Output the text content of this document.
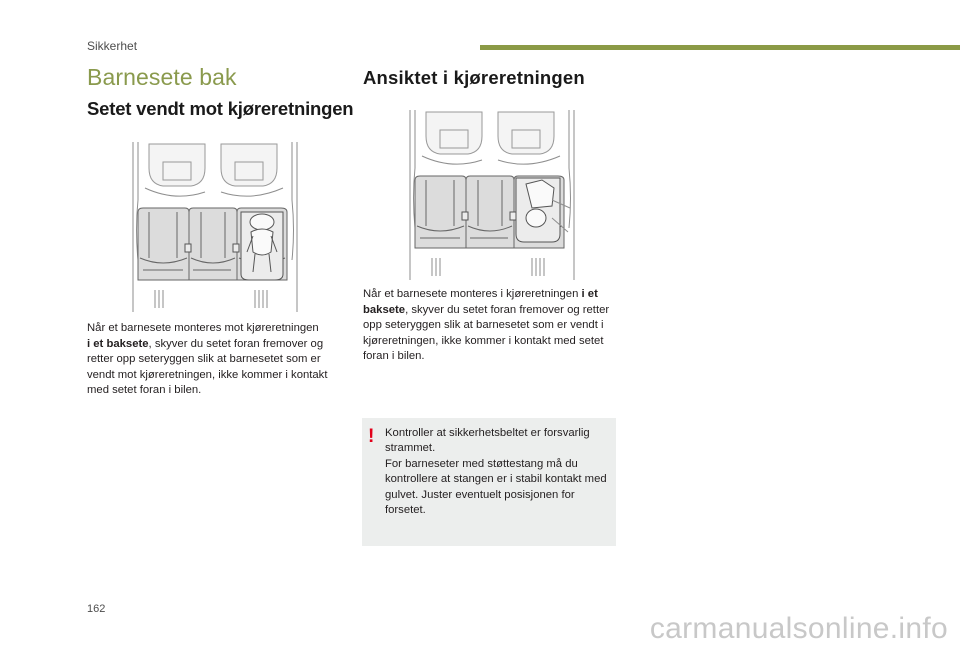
Sikkerhet
Barnesete bak
Setet vendt mot kjøreretningen
Ansiktet i kjøreretningen
Når et barnesete monteres mot kjøreretningen
i et baksete, skyver du setet foran fremover og retter opp seteryggen slik at barnesetet som er vendt mot kjøreretningen, ikke kommer i kontakt med setet foran i bilen.
Når et barnesete monteres i kjøreretningen i et baksete, skyver du setet foran fremover og retter opp seteryggen slik at barnesetet som er vendt i kjøreretningen, ikke kommer i kontakt med setet foran i bilen.
! Kontroller at sikkerhetsbeltet er forsvarlig strammet.
For barneseter med støttestang må du kontrollere at stangen er i stabil kontakt med gulvet. Juster eventuelt posisjonen for forsetet.
162
carmanualsonline.info
